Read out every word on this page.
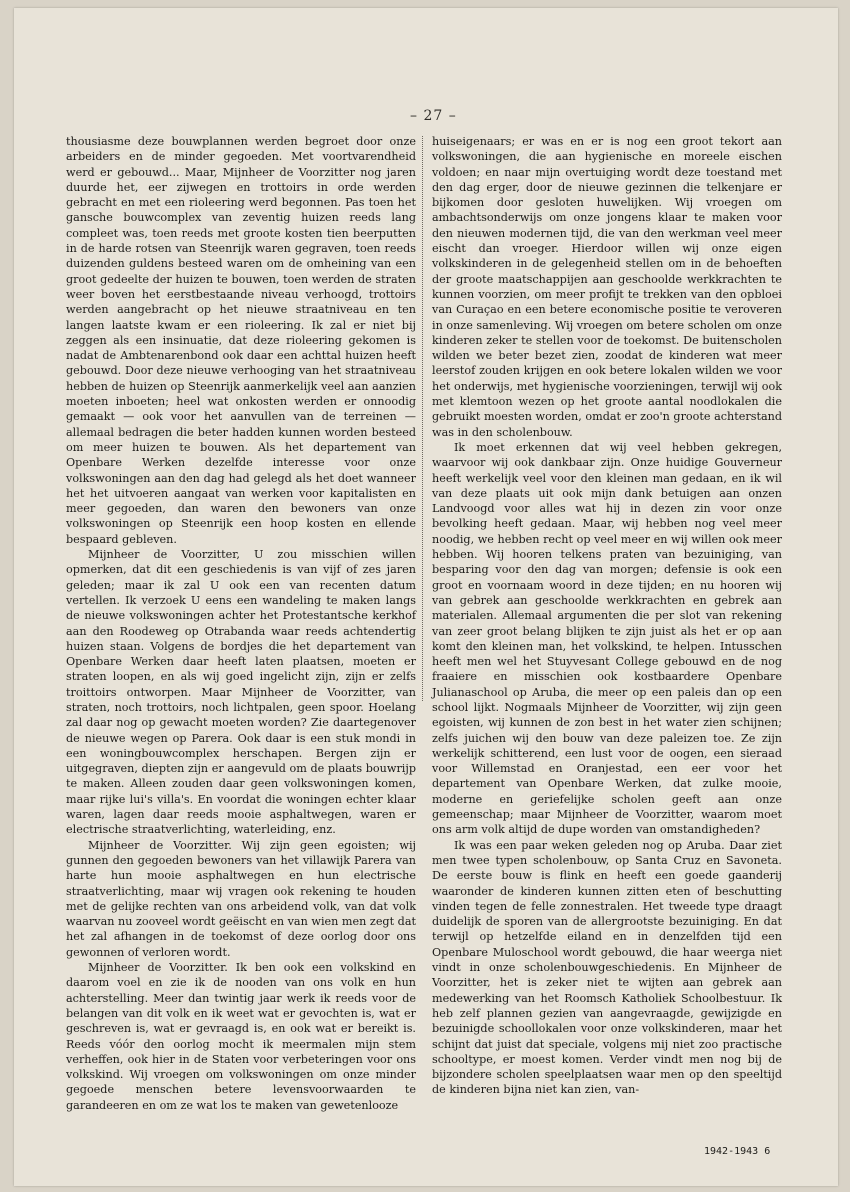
– 27 –

thousiasme deze bouwplannen werden begroet door onze arbeiders en de minder gegoeden. Met voortvarendheid werd er gebouwd... Maar, Mijnheer de Voorzitter nog jaren duurde het, eer zijwegen en trottoirs in orde werden gebracht en met een rioleering werd begonnen. Pas toen het gansche bouwcomplex van zeventig huizen reeds lang compleet was, toen reeds met groote kosten tien beerputten in de harde rotsen van Steenrijk waren gegraven, toen reeds duizenden guldens besteed waren om de omheining van een groot gedeelte der huizen te bouwen, toen werden de straten weer boven het eerstbestaande niveau verhoogd, trottoirs werden aangebracht op het nieuwe straatniveau en ten langen laatste kwam er een rioleering. Ik zal er niet bij zeggen als een insinuatie, dat deze rioleering gekomen is nadat de Ambtenarenbond ook daar een achttal huizen heeft gebouwd. Door deze nieuwe verhooging van het straatniveau hebben de huizen op Steenrijk aanmerkelijk veel aan aanzien moeten inboeten; heel wat onkosten werden er onnoodig gemaakt — ook voor het aanvullen van de terreinen — allemaal bedragen die beter hadden kunnen worden besteed om meer huizen te bouwen. Als het departement van Openbare Werken dezelfde interesse voor onze volkswoningen aan den dag had gelegd als het doet wanneer het het uitvoeren aangaat van werken voor kapitalisten en meer gegoeden, dan waren den bewoners van onze volkswoningen op Steenrijk een hoop kosten en ellende bespaard gebleven.

Mijnheer de Voorzitter, U zou misschien willen opmerken, dat dit een geschiedenis is van vijf of zes jaren geleden; maar ik zal U ook een van recenten datum vertellen. Ik verzoek U eens een wandeling te maken langs de nieuwe volkswoningen achter het Protestantsche kerkhof aan den Roodeweg op Otrabanda waar reeds achtendertig huizen staan. Volgens de bordjes die het departement van Openbare Werken daar heeft laten plaatsen, moeten er straten loopen, en als wij goed ingelicht zijn, zijn er zelfs troittoirs ontworpen. Maar Mijnheer de Voorzitter, van straten, noch trottoirs, noch lichtpalen, geen spoor. Hoelang zal daar nog op gewacht moeten worden? Zie daartegenover de nieuwe wegen op Parera. Ook daar is een stuk mondi in een woningbouwcomplex herschapen. Bergen zijn er uitgegraven, diepten zijn er aangevuld om de plaats bouwrijp te maken. Alleen zouden daar geen volkswoningen komen, maar rijke lui's villa's. En voordat die woningen echter klaar waren, lagen daar reeds mooie asphaltwegen, waren er electrische straatverlichting, waterleiding, enz.

Mijnheer de Voorzitter. Wij zijn geen egoisten; wij gunnen den gegoeden bewoners van het villawijk Parera van harte hun mooie asphaltwegen en hun electrische straatverlichting, maar wij vragen ook rekening te houden met de gelijke rechten van ons arbeidend volk, van dat volk waarvan nu zooveel wordt geëischt en van wien men zegt dat het zal afhangen in de toekomst of deze oorlog door ons gewonnen of verloren wordt.

Mijnheer de Voorzitter. Ik ben ook een volkskind en daarom voel en zie ik de nooden van ons volk en hun achterstelling. Meer dan twintig jaar werk ik reeds voor de belangen van dit volk en ik weet wat er gevochten is, wat er geschreven is, wat er gevraagd is, en ook wat er bereikt is. Reeds vóór den oorlog mocht ik meermalen mijn stem verheffen, ook hier in de Staten voor verbeteringen voor ons volkskind. Wij vroegen om volkswoningen om onze minder gegoede menschen betere levensvoorwaarden te garandeeren en om ze wat los te maken van gewetenlooze

huiseigenaars; er was en er is nog een groot tekort aan volkswoningen, die aan hygienische en moreele eischen voldoen; en naar mijn overtuiging wordt deze toestand met den dag erger, door de nieuwe gezinnen die telkenjare er bijkomen door gesloten huwelijken. Wij vroegen om ambachtsonderwijs om onze jongens klaar te maken voor den nieuwen modernen tijd, die van den werkman veel meer eischt dan vroeger. Hierdoor willen wij onze eigen volkskinderen in de gelegenheid stellen om in de behoeften der groote maatschappijen aan geschoolde werkkrachten te kunnen voorzien, om meer profijt te trekken van den opbloei van Curaçao en een betere economische positie te veroveren in onze samenleving. Wij vroegen om betere scholen om onze kinderen zeker te stellen voor de toekomst. De buitenscholen wilden we beter bezet zien, zoodat de kinderen wat meer leerstof zouden krijgen en ook betere lokalen wilden we voor het onderwijs, met hygienische voorzieningen, terwijl wij ook met klemtoon wezen op het groote aantal noodlokalen die gebruikt moesten worden, omdat er zoo'n groote achterstand was in den scholenbouw.

Ik moet erkennen dat wij veel hebben gekregen, waarvoor wij ook dankbaar zijn. Onze huidige Gouverneur heeft werkelijk veel voor den kleinen man gedaan, en ik wil van deze plaats uit ook mijn dank betuigen aan onzen Landvoogd voor alles wat hij in dezen zin voor onze bevolking heeft gedaan. Maar, wij hebben nog veel meer noodig, we hebben recht op veel meer en wij willen ook meer hebben. Wij hooren telkens praten van bezuiniging, van besparing voor den dag van morgen; defensie is ook een groot en voornaam woord in deze tijden; en nu hooren wij van gebrek aan geschoolde werkkrachten en gebrek aan materialen. Allemaal argumenten die per slot van rekening van zeer groot belang blijken te zijn juist als het er op aan komt den kleinen man, het volkskind, te helpen. Intusschen heeft men wel het Stuyvesant College gebouwd en de nog fraaiere en misschien ook kostbaardere Openbare Julianaschool op Aruba, die meer op een paleis dan op een school lijkt. Nogmaals Mijnheer de Voorzitter, wij zijn geen egoisten, wij kunnen de zon best in het water zien schijnen; zelfs juichen wij den bouw van deze paleizen toe. Ze zijn werkelijk schitterend, een lust voor de oogen, een sieraad voor Willemstad en Oranjestad, een eer voor het departement van Openbare Werken, dat zulke mooie, moderne en geriefelijke scholen geeft aan onze gemeenschap; maar Mijnheer de Voorzitter, waarom moet ons arm volk altijd de dupe worden van omstandigheden?

Ik was een paar weken geleden nog op Aruba. Daar ziet men twee typen scholenbouw, op Santa Cruz en Savoneta. De eerste bouw is flink en heeft een goede gaanderij waaronder de kinderen kunnen zitten eten of beschutting vinden tegen de felle zonnestralen. Het tweede type draagt duidelijk de sporen van de allergrootste bezuiniging. En dat terwijl op hetzelfde eiland en in denzelfden tijd een Openbare Muloschool wordt gebouwd, die haar weerga niet vindt in onze scholenbouwgeschiedenis. En Mijnheer de Voorzitter, het is zeker niet te wijten aan gebrek aan medewerking van het Roomsch Katholiek Schoolbestuur. Ik heb zelf plannen gezien van aangevraagde, gewijzigde en bezuinigde schoollokalen voor onze volkskinderen, maar het schijnt dat juist dat speciale, volgens mij niet zoo practische schooltype, er moest komen. Verder vindt men nog bij de bijzondere scholen speelplaatsen waar men op den speeltijd de kinderen bijna niet kan zien, van-

1942-1943 6
